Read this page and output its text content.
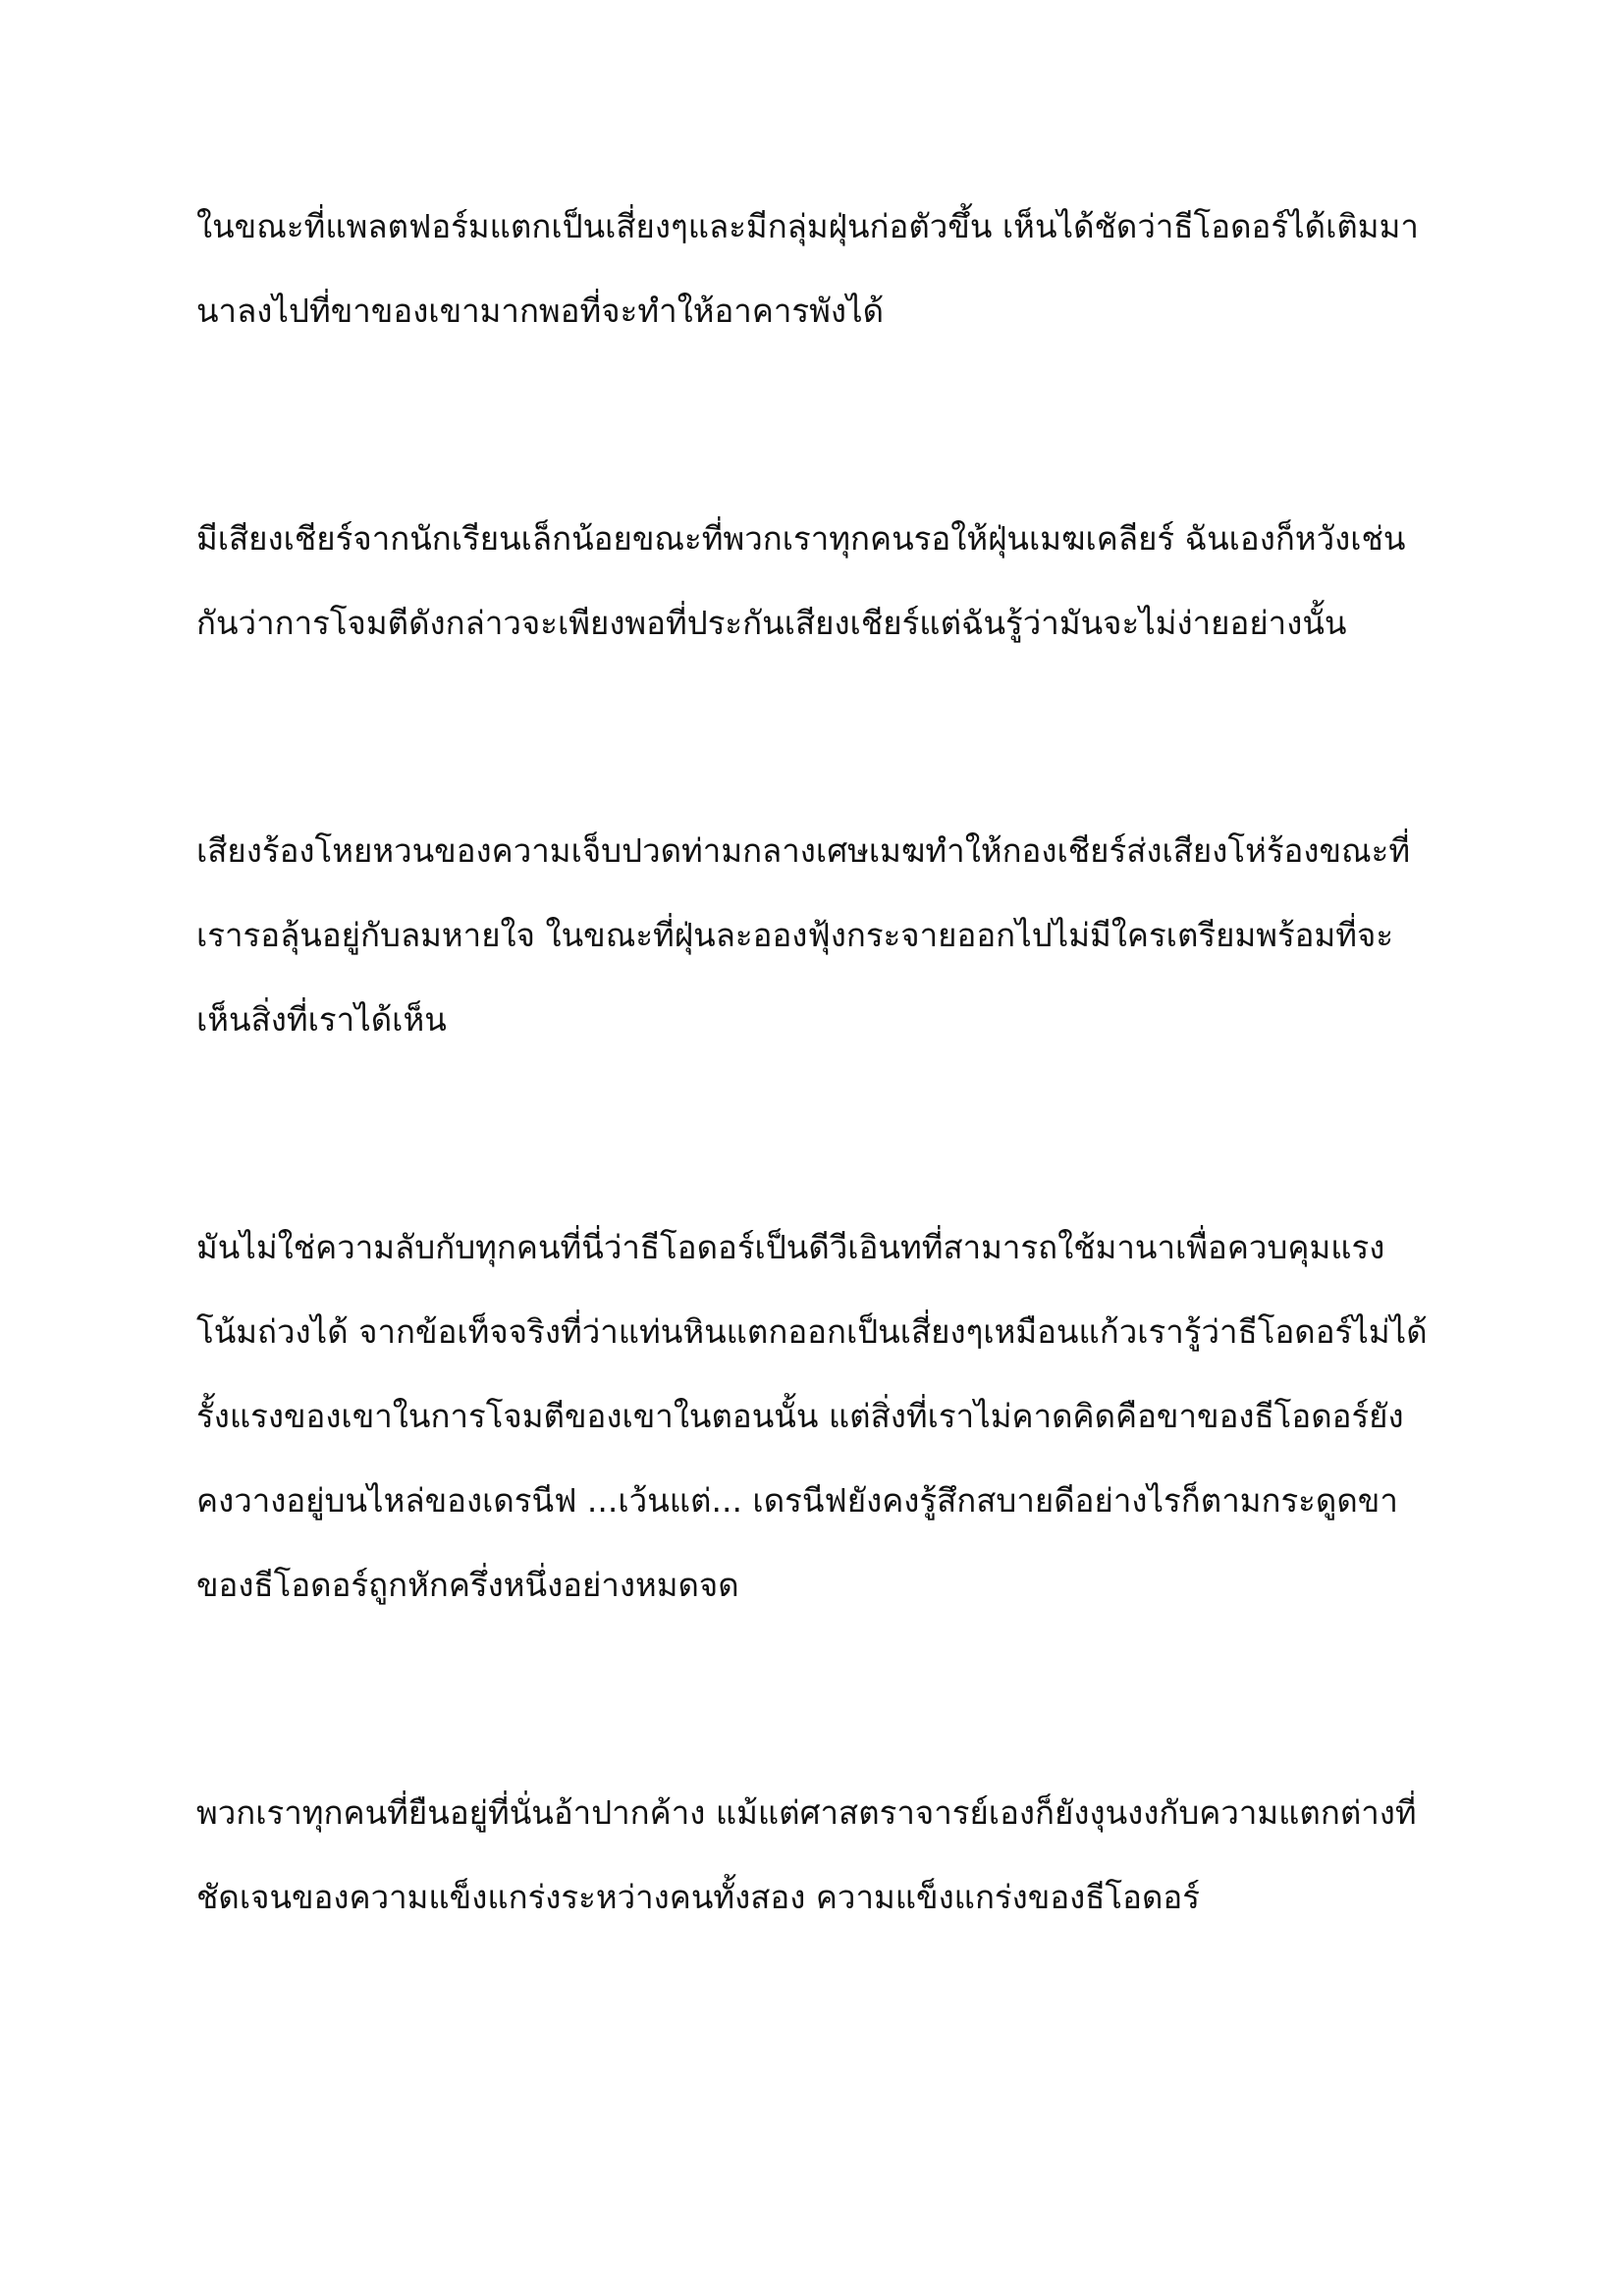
ในขณะที่แพลตฟอร์มแตกเป็นเสี่ยงๆและมีกลุ่มฝุ่นก่อตัวขึ้น เห็นได้ชัดว่าธีโอดอร์ได้เติมมานาลงไปที่ขาของเขามากพอที่จะทำให้อาคารพังได้

มีเสียงเชียร์จากนักเรียนเล็กน้อยขณะที่พวกเราทุกคนรอให้ฝุ่นเมฆเคลียร์ ฉันเองก็หวังเช่นกันว่าการโจมตีดังกล่าวจะเพียงพอที่ประกันเสียงเชียร์แต่ฉันรู้ว่ามันจะไม่ง่ายอย่างนั้น

เสียงร้องโหยหวนของความเจ็บปวดท่ามกลางเศษเมฆทำให้กองเชียร์ส่งเสียงโห่ร้องขณะที่เรารอลุ้นอยู่กับลมหายใจ ในขณะที่ฝุ่นละอองฟุ้งกระจายออกไปไม่มีใครเตรียมพร้อมที่จะเห็นสิ่งที่เราได้เห็น

มันไม่ใช่ความลับกับทุกคนที่นี่ว่าธีโอดอร์เป็นดีวีเอินทที่สามารถใช้มานาเพื่อควบคุมแรงโน้มถ่วงได้ จากข้อเท็จจริงที่ว่าแท่นหินแตกออกเป็นเสี่ยงๆเหมือนแก้วเรารู้ว่าธีโอดอร์ไม่ได้รั้งแรงของเขาในการโจมตีของเขาในตอนนั้น แต่สิ่งที่เราไม่คาดคิดคือขาของธีโอดอร์ยังคงวางอยู่บนไหล่ของเดรนีฟ ...เว้นแต่... เดรนีฟยังคงรู้สึกสบายดีอย่างไรก็ตามกระดูดขาของธีโอดอร์ถูกหักครึ่งหนึ่งอย่างหมดจด

พวกเราทุกคนที่ยืนอยู่ที่นั่นอ้าปากค้าง แม้แต่ศาสตราจารย์เองก็ยังงุนงงกับความแตกต่างที่ชัดเจนของความแข็งแกร่งระหว่างคนทั้งสอง ความแข็งแกร่งของธีโอดอร์
